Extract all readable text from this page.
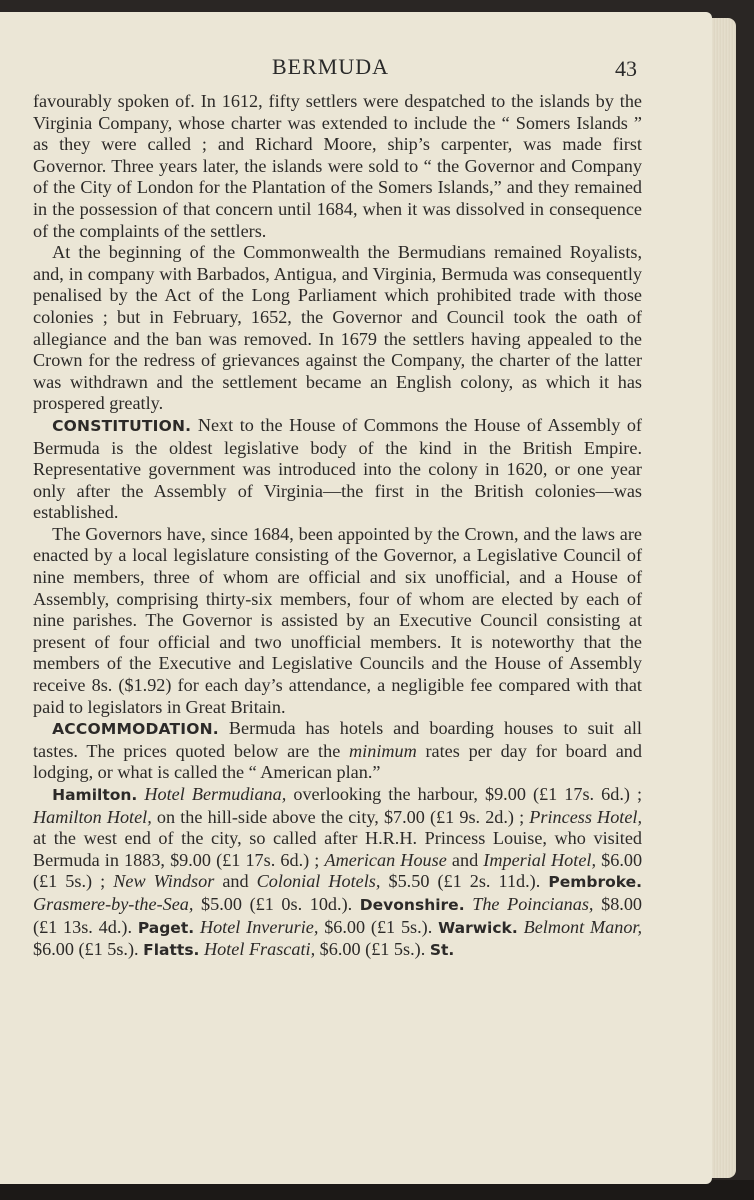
BERMUDA	43

favourably spoken of. In 1612, fifty settlers were despatched to the islands by the Virginia Company, whose charter was extended to include the “ Somers Islands ” as they were called ; and Richard Moore, ship’s carpenter, was made first Governor. Three years later, the islands were sold to “ the Governor and Company of the City of London for the Plantation of the Somers Islands,” and they remained in the possession of that concern until 1684, when it was dissolved in consequence of the complaints of the settlers.

At the beginning of the Commonwealth the Bermudians remained Royalists, and, in company with Barbados, Antigua, and Virginia, Bermuda was consequently penalised by the Act of the Long Parliament which prohibited trade with those colonies ; but in February, 1652, the Governor and Council took the oath of allegiance and the ban was removed. In 1679 the settlers having appealed to the Crown for the redress of grievances against the Company, the charter of the latter was withdrawn and the settlement became an English colony, as which it has prospered greatly.

CONSTITUTION. Next to the House of Commons the House of Assembly of Bermuda is the oldest legislative body of the kind in the British Empire. Representative government was introduced into the colony in 1620, or one year only after the Assembly of Virginia—the first in the British colonies—was established.

The Governors have, since 1684, been appointed by the Crown, and the laws are enacted by a local legislature consisting of the Governor, a Legislative Council of nine members, three of whom are official and six unofficial, and a House of Assembly, comprising thirty-six members, four of whom are elected by each of nine parishes. The Governor is assisted by an Executive Council consisting at present of four official and two unofficial members. It is noteworthy that the members of the Executive and Legislative Councils and the House of Assembly receive 8s. ($1.92) for each day’s attendance, a negligible fee compared with that paid to legislators in Great Britain.

ACCOMMODATION. Bermuda has hotels and boarding houses to suit all tastes. The prices quoted below are the minimum rates per day for board and lodging, or what is called the “ American plan.”

Hamilton. Hotel Bermudiana, overlooking the harbour, $9.00 (£1 17s. 6d.) ; Hamilton Hotel, on the hill-side above the city, $7.00 (£1 9s. 2d.) ; Princess Hotel, at the west end of the city, so called after H.R.H. Princess Louise, who visited Bermuda in 1883, $9.00 (£1 17s. 6d.) ; American House and Imperial Hotel, $6.00 (£1 5s.) ; New Windsor and Colonial Hotels, $5.50 (£1 2s. 11d.). Pembroke. Grasmere-by-the-Sea, $5.00 (£1 0s. 10d.). Devonshire. The Poincianas, $8.00 (£1 13s. 4d.). Paget. Hotel Inverurie, $6.00 (£1 5s.). Warwick. Belmont Manor, $6.00 (£1 5s.). Flatts. Hotel Frascati, $6.00 (£1 5s.). St.
